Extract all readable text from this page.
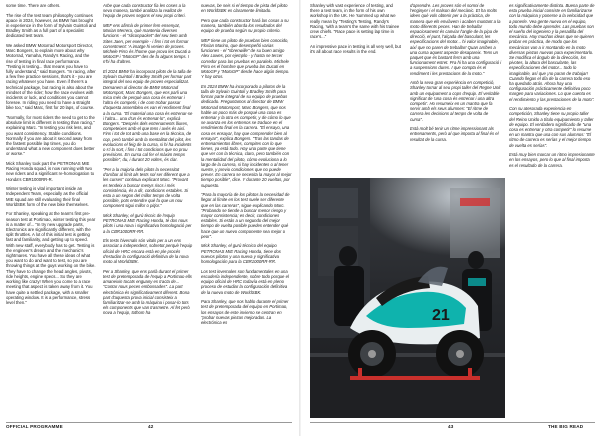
some time. There are others.

The rise of the test team philosophy continues apace in 2024, however, as BMW has brought in experience in the form of Sylvain Guintoli and Bradley Smith as a full part of a specialist dedicated test team.

We asked BMW Motorrad Motorsport Director, Marc Bongers, to explain more about why Motorrad, Yamaha, Randy's Racing, and the rise of testing in final race performance. "Testing is testing... that means you have to fully understand," said Bongers. "In racing, after a few free practice sessions, that's it - you are racing whatever you have. Even if there's a technical package, but racing is also about the mindset of the rider; how the race evolves with incidents or luck, and conditions you cannot foresee. In riding you need to have a straight bike too," said Marc, first for 20 laps, of course.

"Normally, for most riders the need to get to the absolute limit is different in testing than racing," explaining Marc. "In testing you risk less, and you want consistency. Stable conditions. Normally if you are about it second away from the fastest possible lap times, you do understand what a new component does better or worse."

Mick Shanley took part the PETRONAS MIE Racing Honda squad, is now running with two new riders and a significant re-homologation to Honda's CBR1000RR-R.

Winter testing is vital important inside an Independent Team, especially as the official MIE squad are still evaluating their final WorldSBK form of the new bike themselves.

For Shanley, speaking at the team's first pre-season test at Portimao, winter testing this year is a matter of... "In try new upgrade parts, Electronics are significantly different, with the split throttles. A lot of this initial test is getting fast and familiarity, and getting up to speed. With new staff, everybody has to get. Testing is the engineer's dream and the mechanic's nightmares. You have all these ideas of what you want to do and want to test, so you are throwing things at the guys working on the bike. They have to change the head angles, pivots, ride heights, engine specs... So they are working like crazy! When you come to a race meeting that aspect is taken away from it. You have quite a settled package, with a smaller operating window. It is a performance, stress level then."

Arbe que cada constructor fia les coses a la seva manera, també analitza la realitat de l'equip de proves segons el seu propi criteri.

MEF ens afirmà de primer fem ensenyat, Marian Merrera, què mantenia diverses funcions - el "sliconpacket" del seu tiem amb Sites Jaen, per exemple - i fins i tot en formar correntment: 'A imatge hi venien de proves. Michele Pirro és l'home que prova les Ducati a MotoGP i "MotoGP" des de fa alguns temps. I n'hi ha d'altres.

El 2024 BMW ha incorporat pilots de la talla de Sylvain Guintoli i Bradley Smith per formar part integral del seu equip de proves especialitzat. Demanem al director de BMW Motorrad Motorsport, Marc Bongers, que ens parli una mica més de perquè una cosa és entrenar i l'altra és competir, i de com trobar passar d'aquesta assemblea es van el rendiment final a la cursa. "El material una cosa és entrenar-se i l'altra... una d'un és entrenat-lo", explicà Bongers. "Després dels entrenaments lliures, competeixes amb el que tens i avés és així. Fins i tot de tot amb una base en la tècnica, de cop, però també amb la mentalitat del pilot, les evolucions el feig de la cursa, si hi ha incidents o s'i la sort, i fins i tot condicions que no prou previsions. En cursa cal fer el màxim temps possible", du, i durant 20 voltes, és clar.

"Per a la majoria dels pilots la necessitat d'arribar al límit als tests sol ser diferent que a les curses" continua explicant Marc. "Provant es tendeix a buscar menys riscs i més consistència, és a dir, condicions estables. Si esta a un segon del millor temps de volta possible, pots entendre què fa que un nou component sigui millor o pitjor."

Mick Shanley, el gurú tècnic de l'equip PETRONAS MIE Racing Honda, té dos nous pilots i una nova i significativa homologació per a la CBR1000RR-RR.

Els tests hivernals són vitals per a un ens associat a independent, sobretot perquè l'equip oficial de HRC encara està en ple procés d'estudiar la configuració definitiva de la nova moto al WorldSBK.

Per a Shanley, que ens parlà durant el primer test de pretemporada de l'equip a Portimao ells amaneixin tocats enguany es tracta de... "Contar nous peces embossades". La part electrònica és significativament diferent. Bona part d'aquesta prova inicial consisteix a familiaritzar-se amb la màquina i posar-lo tots els components que van trasmetre. Al fet però nova a l'equip, tothom ha

nuevas, be seis si el tiempo de pista del piloto en WorldSBK es claramente limitado.

Pero que cada constructor hará las cosas a su manera, también aborda los resultados del equipo de prueba según su propio criterio.

MEF tiene un piloto de pruebas bien conocido, Florian Marino, que desempeñó varias funciones - el "sbrenwille" de su buen amigo Alex Lowes, por ejemplo - y hasta se tercer corredor para las pruebas en paralelo. Michele Pirro es el hombre que prueba las Ducati en MotoGP y "MotoGP" desde hace algún tiempo. Y hay otros.

En 2024 BMW ha incorporado a pilotos de la talla de Sylvain Guintoli y Bradley Smith para formar parte integral de su equipo de pruebas dedicado. Preguntamos al director de BMW Motorrad Motorsport, Marc Bongers, que nos hable un poco más de porqué una cosa es entrenar y la otra es competir, y de cómo lo que se avanza en los entrenos se traduce en el rendimiento final en la carrera. "El ensayo, una cosa es ensayar, hay que comprender bien al ensayar", explica Bongers. "Tras las tandas de entrenamientos libres, compites con lo que tienes, ya está todo. Hay una parte que tiene que ver con la técnica, claro, pero también con la mentalidad del piloto, cómo evoluciona a lo largo de la carrera, si hay incidentes o al tener suerte, y previo condiciones que no puede prever. En carrera se necesita la mayor al mejor tiempo posible", dice. Y durante 20 vueltas, por supuesto.

"Para la mayoría de los pilotos la necesidad de llegar al límite en los test suele ser diferente que en las carreras", sigue explicando Marc. "Probando se tiende a buscar menor riesgo y mayor consistencia; es decir, condiciones estables. Si estás a un segundo del mejor tiempo de vuelta posible puedes entender qué hace que un nuevo componente sea mejor o peor".

Mick Shanley, el gurú técnico del equipo PETRONAS MIE Racing Honda, tiene dos nuevos pilotos y una nueva y significativa homologación para la CBR1000RR-RR.

Los test invernales son fundamentales en una escudería independiente, sobre todo porque el equipo oficial de HRC todavía está en pleno proceso de estudiar la configuración definitiva de la nueva moto de WorldSBK.

Para Shanley, que nos hablo durante el primer test de pretemporada del equipo en Portimao, los ensayos de este invierno se centran en "probar nuevas piezas mejoradas. La electrónica es

Shanley with vast experience of testing, and there a test team, in the form of his own workshop in the UK. He 'summed up what we really mean by "Testing's Testing, Randy's Racing, 'with a team's the same with his trainee crew chiefs. "Race pace is setting lap time in race's..."

An impressive pace in testing is all very well, but it's all about race results in the end.

d'aprendre. Les proves són el somni de l'enginyer i el malson del mecànic. Et ha molts idees què vols obtenir per a la pràctica, de manera que els enviàvem i acaben muntant a la moto diferents peces. Han de treballar espaciosament és canviar l'angle de la pipa de direcció, el punt, l'alçada del basculant, les especificacions del motor... hi valor imaginable, així que no paren de treballar! Quan arribes a una cursa aquest aspecte desapareix. Tens un paquet que és bastant ferm amb una funcionament estret. Pra hi ha una configuració i a suspensions dures. I que compta és el rendiment i les prestacions de la moto."

Amb la seva gran experiència en competició, Shanley tornar al seu propi taller del Regne Unit amb un equipament a cops d'equip. El veritable significat de 'una cosa és entrenar i una altra competir'. Ho resumeix en un mantra que fa servir amb els seus alumnes: "El ritme de carrera les decisions al temps de volta de cursa".

Està molt bé tenir un ritme impressionant als entrenaments, però al que importa al final és el resultat de la cursa.

es significativamente distinta. Buena parte de esta prueba inicial consiste en familiarizarse con la máquina y ponerse a la velocidad que a ponerle. Vea gente nueva en el equipo, todo mundo debe aprender. Las pruebas son el sueño del ingeniero y la pesadilla del mecánico. Hay muchas ideas que se quieren probar en práctica, de modo que los mecánicos van a ir montando en la moto diversas piezas nuevas para experimentarlo. Se modifica el ángulo de la dirección, los pivotes, la altura del basculante, las especificaciones del motor... todo lo imaginable, así que ¡no paran de trabajar! Cuando llegas el día de la carrera todo eso ha quedado atrás. Ahora hay una configuración prácticamente definitiva poco margen para variaciones. Lo que cuenta es el rendimiento y las prestaciones de la moto".

Con su atesorada experiencia en competición, Shanley tiene su propio taller del Reino Unido a título equipamiento y taller de equipo. El verdadero significado de "una cosa es entrenar y otra competir" lo resume en un mantra que usa con sus alumnos: "El ritmo de carrera es serías y el mejor tiempo de vuelta es serías".

Está muy bien marcar un ritmo impresionante en los ensayos, pero lo que al final importa es el resultado de la carrera.

21
OFFICIAL PROGRAMME	42	43	THE BIG READ
